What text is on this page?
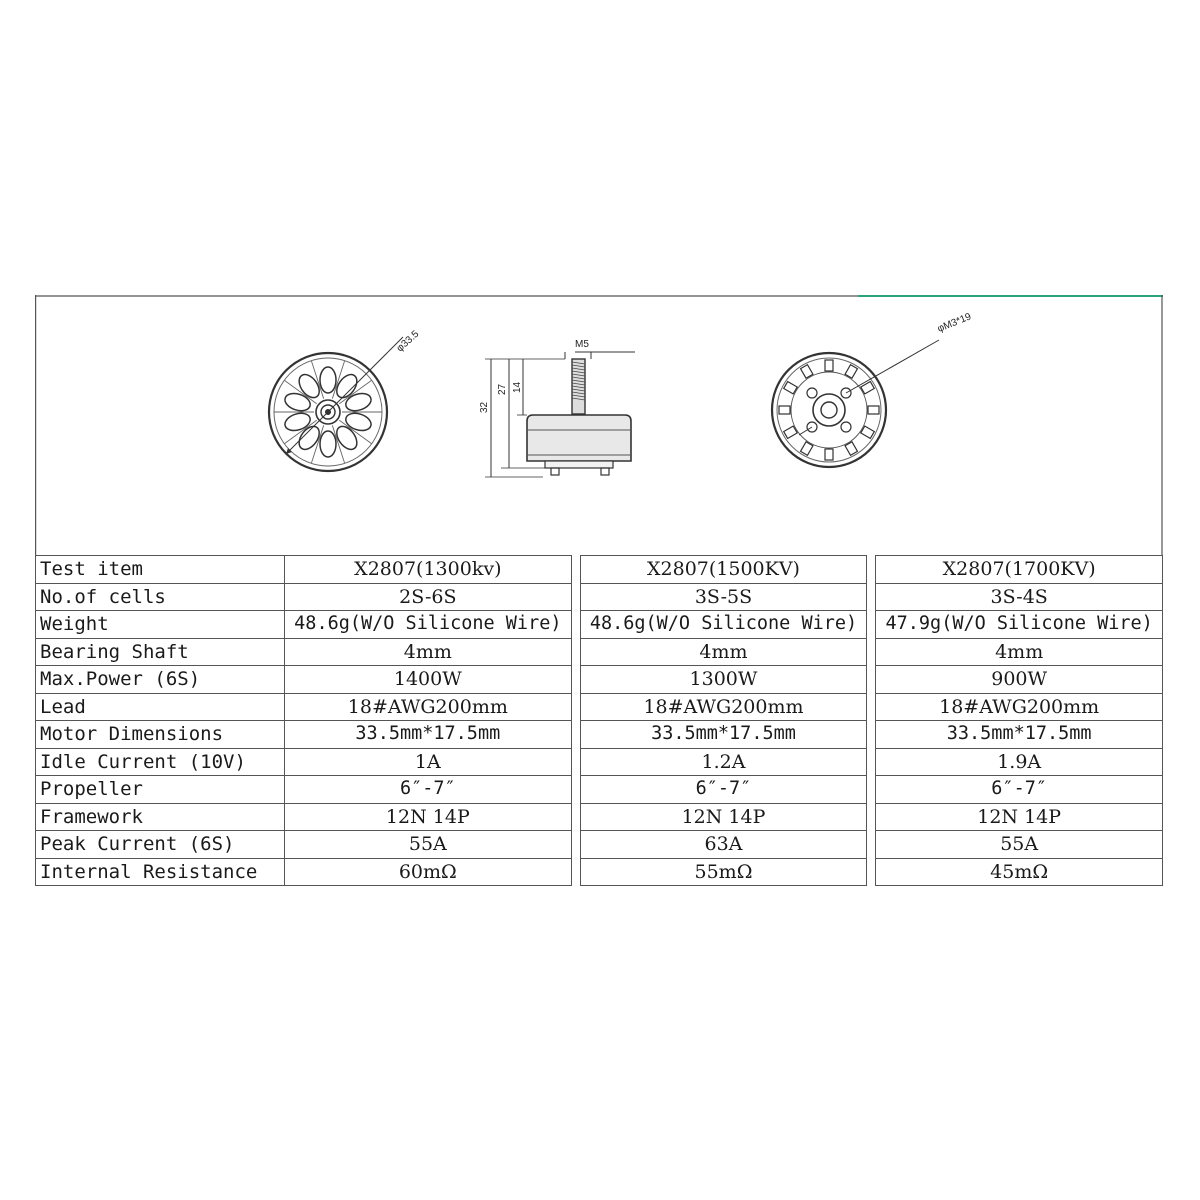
φ33.5	M5
32
27 14
φM3*19
Test item	X2807(1300kv)		X2807(1500KV)		X2807(1700KV)
No.of cells	2S-6S		3S-5S		3S-4S
Weight	48.6g(W/O Silicone Wire)		48.6g(W/O Silicone Wire)		47.9g(W/O Silicone Wire)
Bearing Shaft	4mm		4mm		4mm
Max.Power (6S)	1400W		1300W		900W
Lead	18#AWG200mm		18#AWG200mm		18#AWG200mm
Motor Dimensions	33.5mm*17.5mm		33.5mm*17.5mm		33.5mm*17.5mm
Idle Current (10V)	1A		1.2A		1.9A
Propeller	6″-7″		6″-7″		6″-7″
Framework	12N 14P		12N 14P		12N 14P
Peak Current (6S)	55A		63A		55A
Internal Resistance	60mΩ		55mΩ		45mΩ
